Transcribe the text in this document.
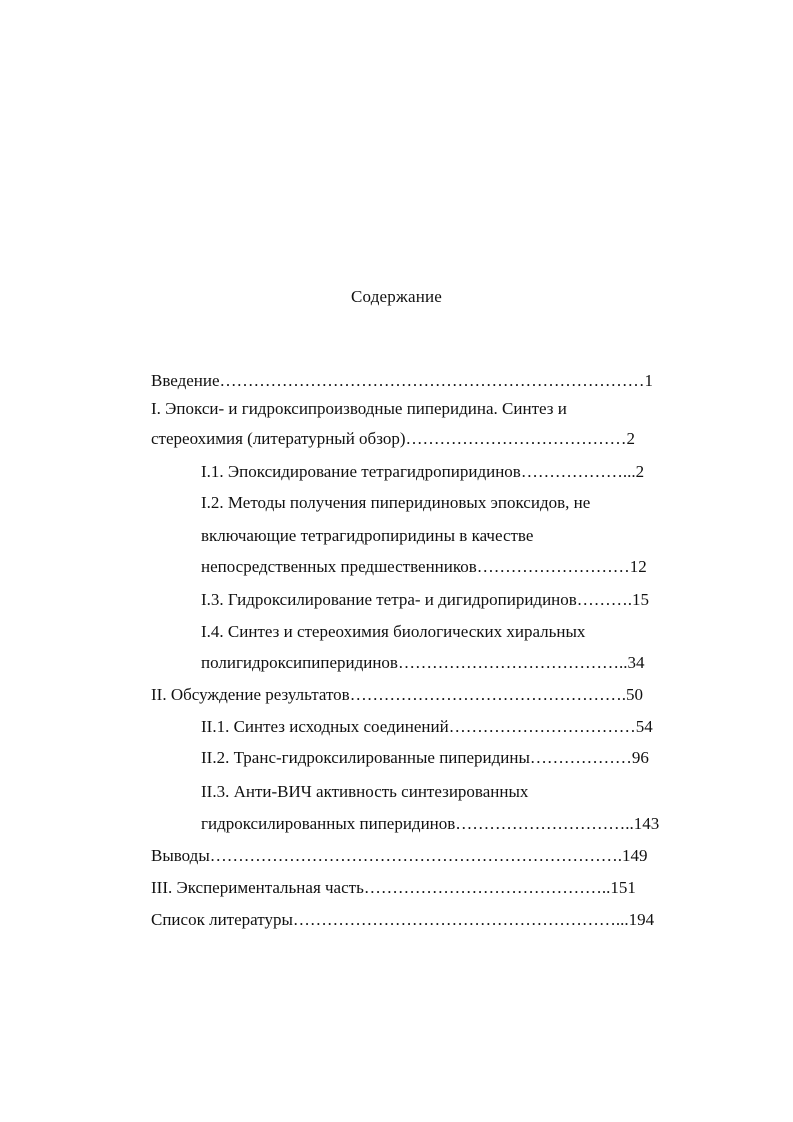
Содержание
Введение…………………………………………………………………1
I. Эпокси- и гидроксипроизводные пиперидина. Синтез и
стереохимия (литературный обзор)…………………………………2
I.1. Эпоксидирование тетрагидропиридинов………………...2
I.2. Методы получения пиперидиновых эпоксидов, не
включающие тетрагидропиридины в качестве
непосредственных предшественников………………………12
I.3. Гидроксилирование тетра- и дигидропиридинов……….15
I.4. Синтез и стереохимия биологических хиральных
полигидроксипиперидинов…………………………………..34
II. Обсуждение результатов………………………………………….50
II.1. Синтез исходных соединений……………………………54
II.2. Транс-гидроксилированные пиперидины………………96
II.3. Анти-ВИЧ активность синтезированных
гидроксилированных пиперидинов…………………………..143
Выводы……………………………………………………………….149
III. Экспериментальная часть……………………………………..151
Список литературы…………………………………………………...194
